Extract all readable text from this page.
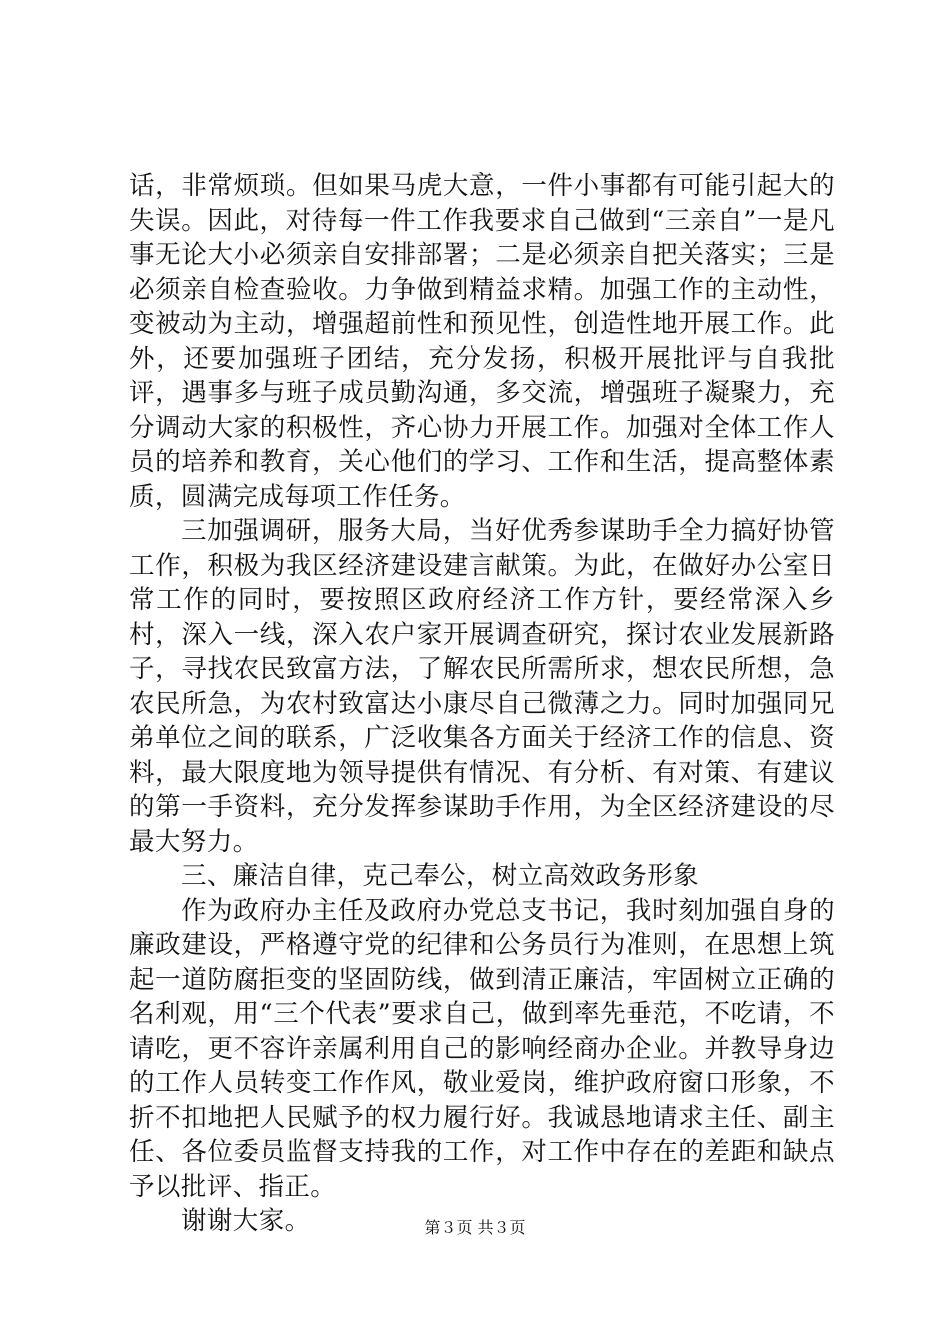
话，非常烦琐。但如果马虎大意，一件小事都有可能引起大的失误。因此，对待每一件工作我要求自己做到“三亲自”一是凡事无论大小必须亲自安排部署；二是必须亲自把关落实；三是必须亲自检查验收。力争做到精益求精。加强工作的主动性，变被动为主动，增强超前性和预见性，创造性地开展工作。此外，还要加强班子团结，充分发扬，积极开展批评与自我批评，遇事多与班子成员勤沟通，多交流，增强班子凝聚力，充分调动大家的积极性，齐心协力开展工作。加强对全体工作人员的培养和教育，关心他们的学习、工作和生活，提高整体素质，圆满完成每项工作任务。

三加强调研，服务大局，当好优秀参谋助手全力搞好协管工作，积极为我区经济建设建言献策。为此，在做好办公室日常工作的同时，要按照区政府经济工作方针，要经常深入乡村，深入一线，深入农户家开展调查研究，探讨农业发展新路子，寻找农民致富方法，了解农民所需所求，想农民所想，急农民所急，为农村致富达小康尽自己微薄之力。同时加强同兄弟单位之间的联系，广泛收集各方面关于经济工作的信息、资料，最大限度地为领导提供有情况、有分析、有对策、有建议的第一手资料，充分发挥参谋助手作用，为全区经济建设的尽最大努力。

三、廉洁自律，克己奉公，树立高效政务形象

作为政府办主任及政府办党总支书记，我时刻加强自身的廉政建设，严格遵守党的纪律和公务员行为准则，在思想上筑起一道防腐拒变的坚固防线，做到清正廉洁，牢固树立正确的名利观，用“三个代表”要求自己，做到率先垂范，不吃请，不请吃，更不容许亲属利用自己的影响经商办企业。并教导身边的工作人员转变工作作风，敬业爱岗，维护政府窗口形象，不折不扣地把人民赋予的权力履行好。我诚恳地请求主任、副主任、各位委员监督支持我的工作，对工作中存在的差距和缺点予以批评、指正。

谢谢大家。	第３页 共３页
